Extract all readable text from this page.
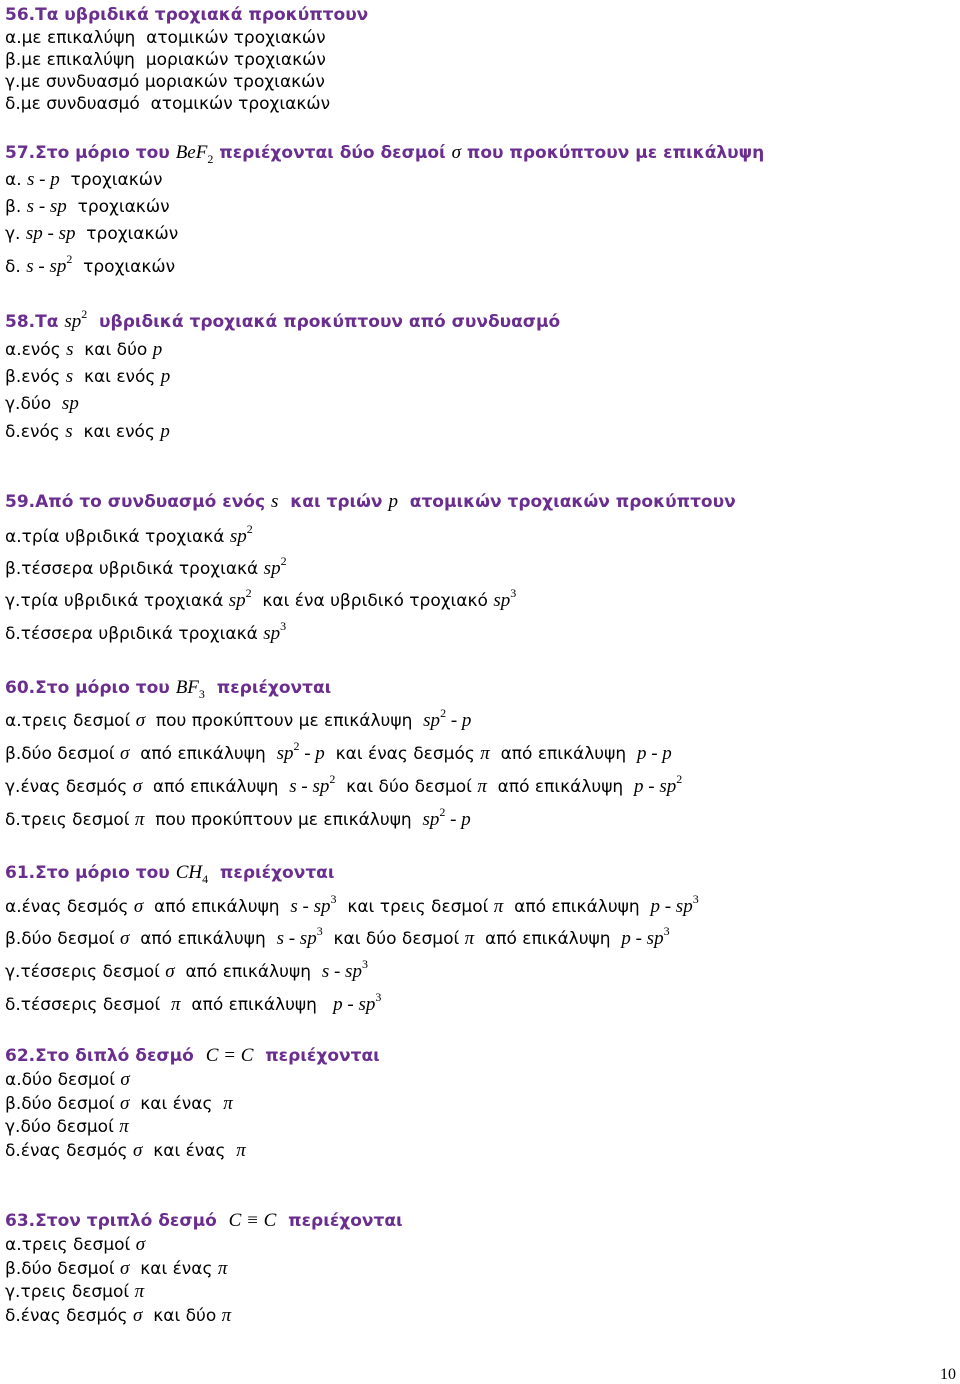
56.Τα υβριδικά τροχιακά προκύπτουν
α.με επικαλύψη  ατομικών τροχιακών
β.με επικαλύψη  μοριακών τροχιακών
γ.με συνδυασμό μοριακών τροχιακών
δ.με συνδυασμό  ατομικών τροχιακών
57.Στο μόριο του BeF$_2$ περιέχονται δύο δεσμοί σ που προκύπτουν με επικάλυψη
α. s - p  τροχιακών
β. s - sp  τροχιακών
γ. sp - sp  τροχιακών
δ. s - $sp^2$  τροχιακών
58.Τα $sp^2$  υβριδικά τροχιακά προκύπτουν από συνδυασμό
α.ενός s  και δύο p
β.ενός s  και ενός p
γ.δύο  sp
δ.ενός s  και ενός p
59.Από το συνδυασμό ενός s  και τριών p  ατομικών τροχιακών προκύπτουν
α.τρία υβριδικά τροχιακά $sp^2$
β.τέσσερα υβριδικά τροχιακά $sp^2$
γ.τρία υβριδικά τροχιακά $sp^2$  και ένα υβριδικό τροχιακό $sp^3$
δ.τέσσερα υβριδικά τροχιακά $sp^3$
60.Στο μόριο του $BF_3$  περιέχονται
α.τρεις δεσμοί σ  που προκύπτουν με επικάλυψη  $sp^2$ - p
β.δύο δεσμοί σ  από επικάλυψη  $sp^2$ - p  και ένας δεσμός π  από επικάλυψη  p - p
γ.ένας δεσμός σ  από επικάλυψη  s - $sp^2$  και δύο δεσμοί π  από επικάλυψη  p - $sp^2$
δ.τρεις δεσμοί π  που προκύπτουν με επικάλυψη  $sp^2$ - p
61.Στο μόριο του $CH_4$  περιέχονται
α.ένας δεσμός σ  από επικάλυψη  s - $sp^3$  και τρεις δεσμοί π  από επικάλυψη  p - $sp^3$
β.δύο δεσμοί σ  από επικάλυψη  s - $sp^3$  και δύο δεσμοί π  από επικάλυψη  p - $sp^3$
γ.τέσσερις δεσμοί σ  από επικάλυψη  s - $sp^3$
δ.τέσσερις δεσμοί  π  από επικάλυψη   p - $sp^3$
62.Στο διπλό δεσμό  C = C  περιέχονται
α.δύο δεσμοί σ
β.δύο δεσμοί σ  και ένας  π
γ.δύο δεσμοί π
δ.ένας δεσμός σ  και ένας  π
63.Στον τριπλό δεσμό  C ≡ C  περιέχονται
α.τρεις δεσμοί σ
β.δύο δεσμοί σ  και ένας π
γ.τρεις δεσμοί π
δ.ένας δεσμός σ  και δύο π
10
